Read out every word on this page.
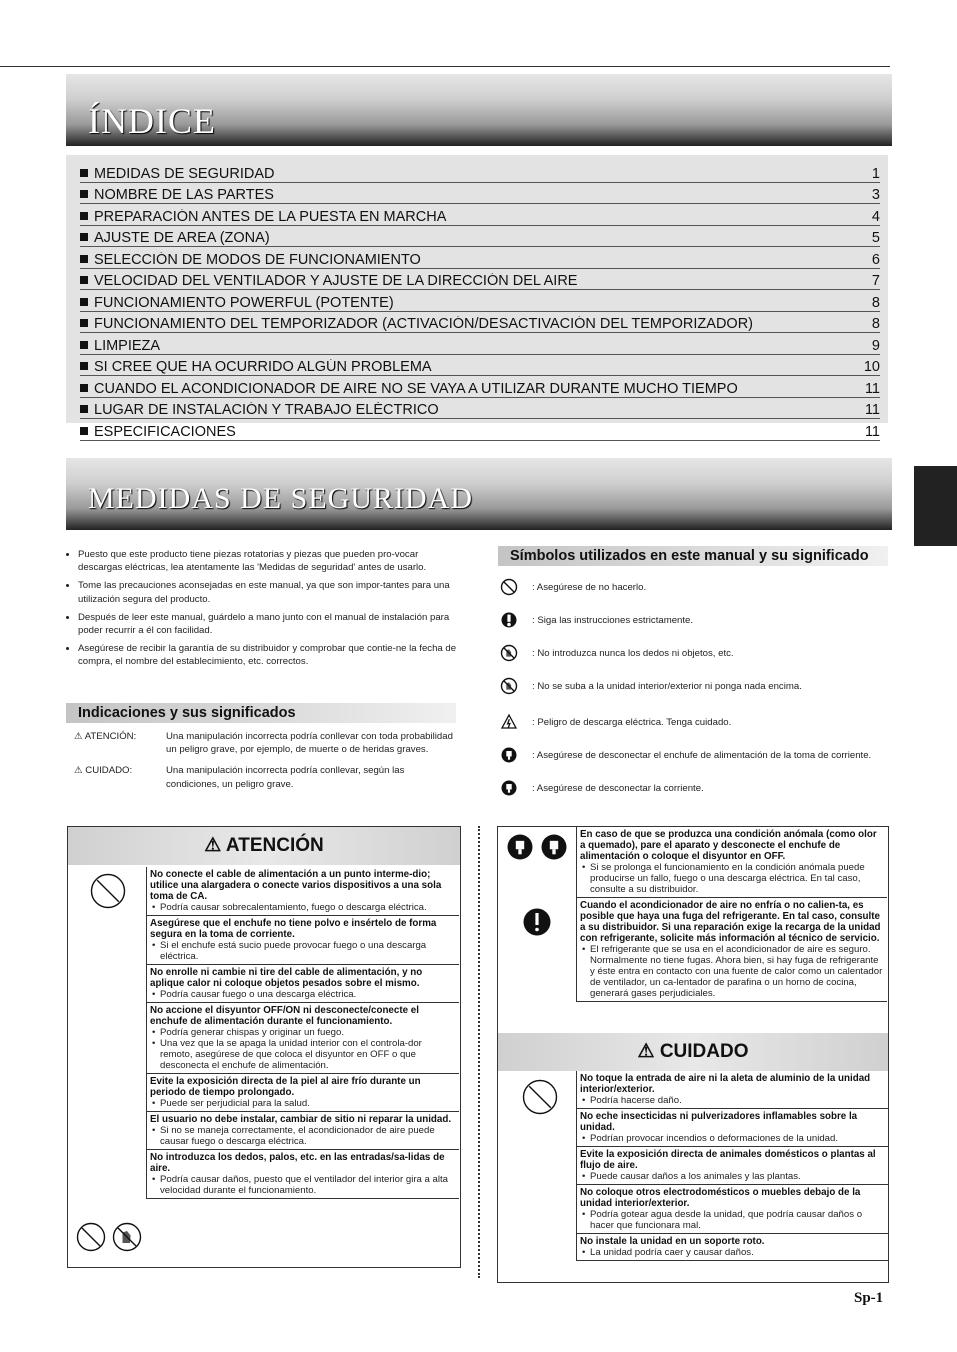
ÍNDICE
MEDIDAS DE SEGURIDAD	1
NOMBRE DE LAS PARTES	3
PREPARACIÓN ANTES DE LA PUESTA EN MARCHA	4
AJUSTE DE AREA (ZONA)	5
SELECCIÓN DE MODOS DE FUNCIONAMIENTO	6
VELOCIDAD DEL VENTILADOR Y AJUSTE DE LA DIRECCIÓN DEL AIRE	7
FUNCIONAMIENTO POWERFUL (POTENTE)	8
FUNCIONAMIENTO DEL TEMPORIZADOR (ACTIVACIÓN/DESACTIVACIÓN DEL TEMPORIZADOR)	8
LIMPIEZA	9
SI CREE QUE HA OCURRIDO ALGÚN PROBLEMA	10
CUANDO EL ACONDICIONADOR DE AIRE NO SE VAYA A UTILIZAR DURANTE MUCHO TIEMPO	11
LUGAR DE INSTALACIÓN Y TRABAJO ELÉCTRICO	11
ESPECIFICACIONES	11
MEDIDAS DE SEGURIDAD
• Puesto que este producto tiene piezas rotatorias y piezas que pueden pro-vocar descargas eléctricas, lea atentamente las 'Medidas de seguridad' antes de usarlo.
• Tome las precauciones aconsejadas en este manual, ya que son impor-tantes para una utilización segura del producto.
• Después de leer este manual, guárdelo a mano junto con el manual de instalación para poder recurrir a él con facilidad.
• Asegúrese de recibir la garantía de su distribuidor y comprobar que contie-ne la fecha de compra, el nombre del establecimiento, etc. correctos.
Indicaciones y sus significados
⚠ ATENCIÓN:	Una manipulación incorrecta podría conllevar con toda probabilidad un peligro grave, por ejemplo, de muerte o de heridas graves.
⚠ CUIDADO:	Una manipulación incorrecta podría conllevar, según las condiciones, un peligro grave.
Símbolos utilizados en este manual y su significado
: Asegúrese de no hacerlo.
: Siga las instrucciones estrictamente.
: No introduzca nunca los dedos ni objetos, etc.
: No se suba a la unidad interior/exterior ni ponga nada encima.
: Peligro de descarga eléctrica. Tenga cuidado.
: Asegúrese de desconectar el enchufe de alimentación de la toma de corriente.
: Asegúrese de desconectar la corriente.
⚠ ATENCIÓN
No conecte el cable de alimentación a un punto interme-dio; utilice una alargadera o conecte varios dispositivos a una sola toma de CA.
• Podría causar sobrecalentamiento, fuego o descarga eléctrica.
Asegúrese que el enchufe no tiene polvo e insértelo de forma segura en la toma de corriente.
• Si el enchufe está sucio puede provocar fuego o una descarga eléctrica.
No enrolle ni cambie ni tire del cable de alimentación, y no aplique calor ni coloque objetos pesados sobre el mismo.
• Podría causar fuego o una descarga eléctrica.
No accione el disyuntor OFF/ON ni desconecte/conecte el enchufe de alimentación durante el funcionamiento.
• Podría generar chispas y originar un fuego.
• Una vez que la se apaga la unidad interior con el controla-dor remoto, asegúrese de que coloca el disyuntor en OFF o que desconecta el enchufe de alimentación.
Evite la exposición directa de la piel al aire frío durante un periodo de tiempo prolongado.
• Puede ser perjudicial para la salud.
El usuario no debe instalar, cambiar de sitio ni reparar la unidad.
• Si no se maneja correctamente, el acondicionador de aire puede causar fuego o descarga eléctrica.
No introduzca los dedos, palos, etc. en las entradas/sa-lidas de aire.
• Podría causar daños, puesto que el ventilador del interior gira a alta velocidad durante el funcionamiento.
En caso de que se produzca una condición anómala (como olor a quemado), pare el aparato y desconecte el enchufe de alimentación o coloque el disyuntor en OFF.
• Si se prolonga el funcionamiento en la condición anómala puede producirse un fallo, fuego o una descarga eléctrica. En tal caso, consulte a su distribuidor.
Cuando el acondicionador de aire no enfría o no calien-ta, es posible que haya una fuga del refrigerante. En tal caso, consulte a su distribuidor. Si una reparación exige la recarga de la unidad con refrigerante, solicite más información al técnico de servicio.
• El refrigerante que se usa en el acondicionador de aire es seguro. Normalmente no tiene fugas. Ahora bien, si hay fuga de refrigerante y éste entra en contacto con una fuente de calor como un calentador de ventilador, un ca-lentador de parafina o un horno de cocina, generará gases perjudiciales.
⚠ CUIDADO
No toque la entrada de aire ni la aleta de aluminio de la unidad interior/exterior.
• Podría hacerse daño.
No eche insecticidas ni pulverizadores inflamables sobre la unidad.
• Podrían provocar incendios o deformaciones de la unidad.
Evite la exposición directa de animales domésticos o plantas al flujo de aire.
• Puede causar daños a los animales y las plantas.
No coloque otros electrodomésticos o muebles debajo de la unidad interior/exterior.
• Podría gotear agua desde la unidad, que podría causar daños o hacer que funcionara mal.
No instale la unidad en un soporte roto.
• La unidad podría caer y causar daños.
Sp-1
